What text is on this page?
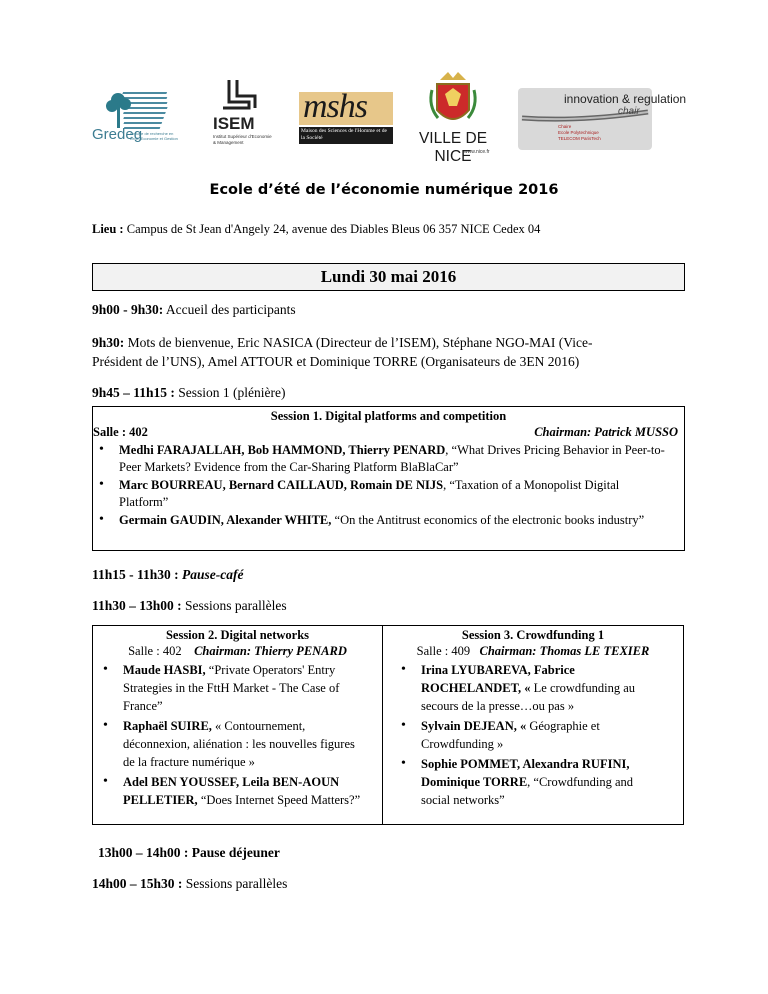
Gredeg
Groupe de recherche en Droit, Economie et Gestion
ISEM
Institut Supérieur d'Economie & Management
mshs
Maison des Sciences de l'Homme et de la Société	VILLE DE NICE
www.nice.fr
innovation & regulation
chair
Chaire
Ecole Polytechnique
TELECOM ParisTech
Ecole d’été de l’économie numérique 2016
Lieu : Campus de St Jean d'Angely 24, avenue des Diables Bleus 06 357 NICE Cedex 04
Lundi 30 mai 2016
9h00 - 9h30: Accueil des participants
9h30: Mots de bienvenue, Eric NASICA (Directeur de l’ISEM), Stéphane NGO-MAI (Vice-
Président de l’UNS), Amel ATTOUR et Dominique TORRE (Organisateurs de 3EN 2016)
9h45 – 11h15 : Session 1 (plénière)
Session 1. Digital platforms and competition
Salle : 402	Chairman: Patrick MUSSO
• Medhi FARAJALLAH, Bob HAMMOND, Thierry PENARD, “What Drives Pricing Behavior in Peer-to-Peer Markets? Evidence from the Car-Sharing Platform BlaBlaCar”
• Marc BOURREAU, Bernard CAILLAUD, Romain DE NIJS, “Taxation of a Monopolist Digital Platform”
• Germain GAUDIN, Alexander WHITE, “On the Antitrust economics of the electronic books industry”
11h15 - 11h30 : Pause-café
11h30 – 13h00 : Sessions parallèles
Session 2. Digital networks
Salle : 402 Chairman: Thierry PENARD
• Maude HASBI, “Private Operators' Entry Strategies in the FttH Market - The Case of France”
• Raphaël SUIRE, « Contournement, déconnexion, aliénation : les nouvelles figures de la fracture numérique »
• Adel BEN YOUSSEF, Leila BEN-AOUN PELLETIER, “Does Internet Speed Matters?”
Session 3. Crowdfunding 1
Salle : 409 Chairman: Thomas LE TEXIER
• Irina LYUBAREVA, Fabrice ROCHELANDET, « Le crowdfunding au secours de la presse…ou pas »
• Sylvain DEJEAN, « Géographie et Crowdfunding »
• Sophie POMMET, Alexandra RUFINI, Dominique TORRE, “Crowdfunding and social networks”
13h00 – 14h00 : Pause déjeuner
14h00 – 15h30 : Sessions parallèles
